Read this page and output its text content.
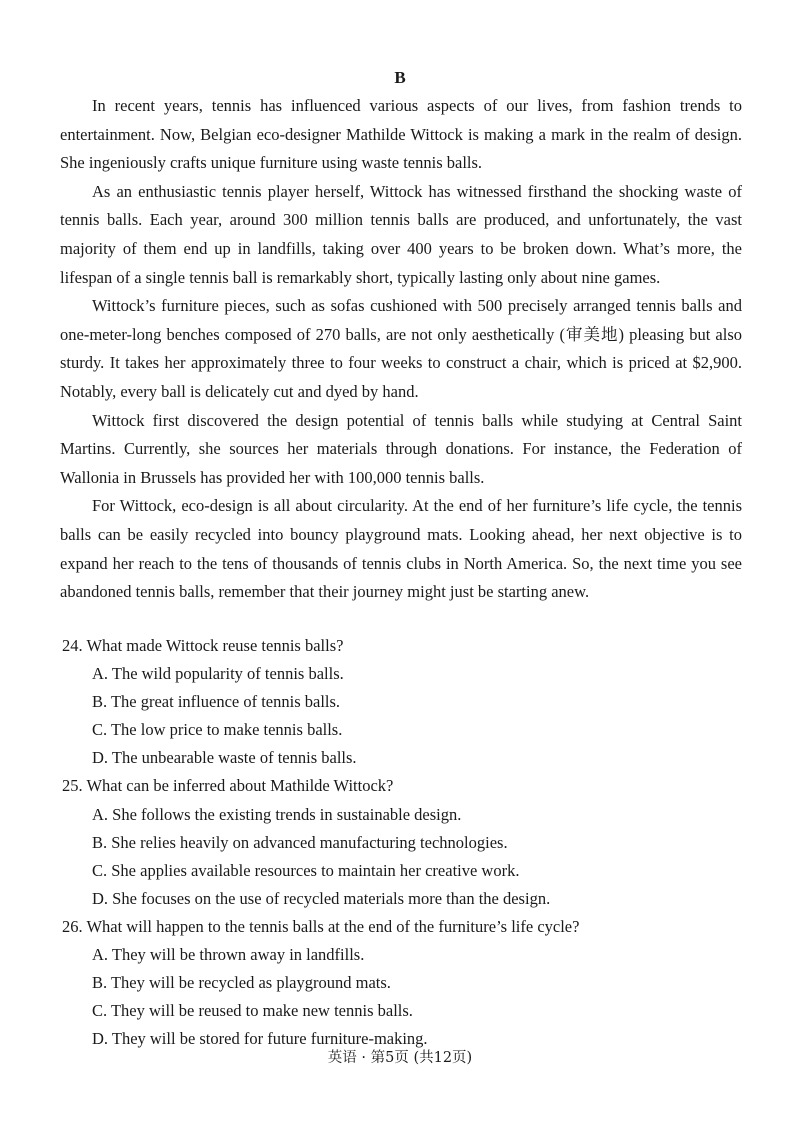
B

In recent years, tennis has influenced various aspects of our lives, from fashion trends to entertainment. Now, Belgian eco-designer Mathilde Wittock is making a mark in the realm of design. She ingeniously crafts unique furniture using waste tennis balls.

As an enthusiastic tennis player herself, Wittock has witnessed firsthand the shocking waste of tennis balls. Each year, around 300 million tennis balls are produced, and unfortunately, the vast majority of them end up in landfills, taking over 400 years to be broken down. What’s more, the lifespan of a single tennis ball is remarkably short, typically lasting only about nine games.

Wittock’s furniture pieces, such as sofas cushioned with 500 precisely arranged tennis balls and one-meter-long benches composed of 270 balls, are not only aesthetically (审美地) pleasing but also sturdy. It takes her approximately three to four weeks to construct a chair, which is priced at $2,900. Notably, every ball is delicately cut and dyed by hand.

Wittock first discovered the design potential of tennis balls while studying at Central Saint Martins. Currently, she sources her materials through donations. For instance, the Federation of Wallonia in Brussels has provided her with 100,000 tennis balls.

For Wittock, eco-design is all about circularity. At the end of her furniture’s life cycle, the tennis balls can be easily recycled into bouncy playground mats. Looking ahead, her next objective is to expand her reach to the tens of thousands of tennis clubs in North America. So, the next time you see abandoned tennis balls, remember that their journey might just be starting anew.

24. What made Wittock reuse tennis balls?

A. The wild popularity of tennis balls.

B. The great influence of tennis balls.

C. The low price to make tennis balls.

D. The unbearable waste of tennis balls.

25. What can be inferred about Mathilde Wittock?

A. She follows the existing trends in sustainable design.

B. She relies heavily on advanced manufacturing technologies.

C. She applies available resources to maintain her creative work.

D. She focuses on the use of recycled materials more than the design.

26. What will happen to the tennis balls at the end of the furniture’s life cycle?

A. They will be thrown away in landfills.

B. They will be recycled as playground mats.

C. They will be reused to make new tennis balls.

D. They will be stored for future furniture-making.

英语 · 第5页 (共12页)
